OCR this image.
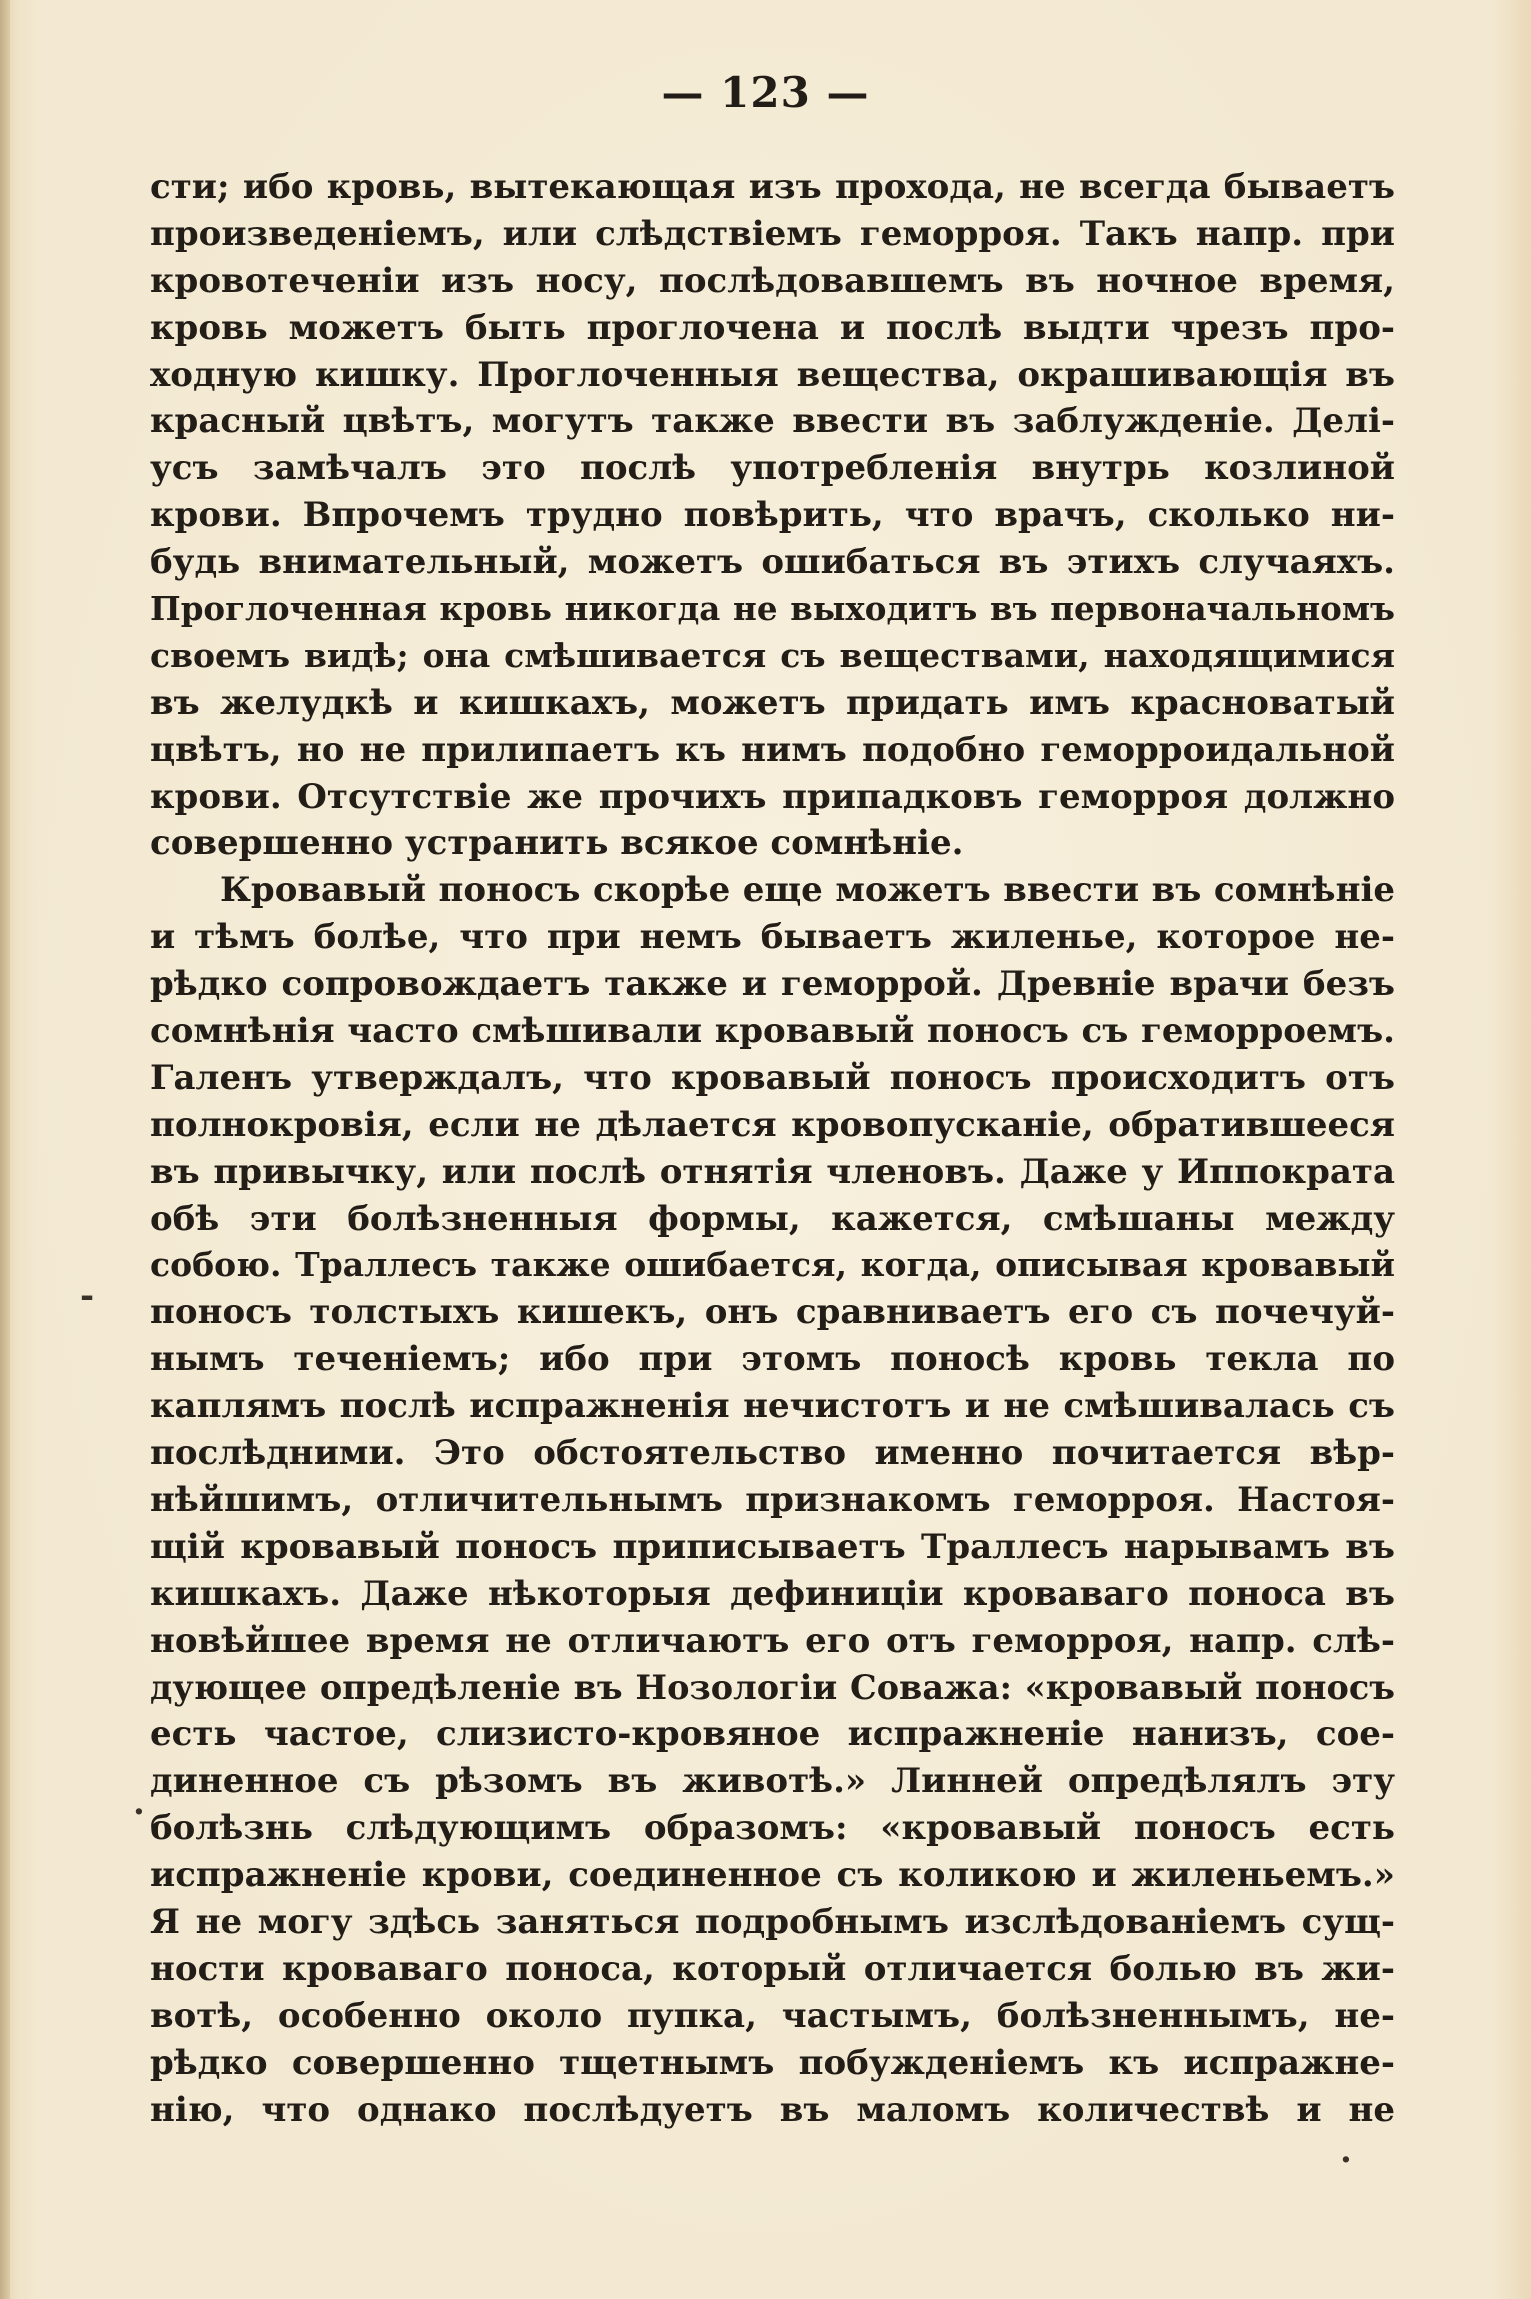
— 123 —
-
·
·
сти; ибо кровь, вытекающая изъ прохода, не всегда бываетъ
произведеніемъ, или слѣдствіемъ геморроя. Такъ напр. при
кровотеченіи изъ носу, послѣдовавшемъ въ ночное время,
кровь можетъ быть проглочена и послѣ выдти чрезъ про-
ходную кишку. Проглоченныя вещества, окрашивающія въ
красный цвѣтъ, могутъ также ввести въ заблужденіе. Делі-
усъ замѣчалъ это послѣ употребленія внутрь козлиной
крови. Впрочемъ трудно повѣрить, что врачъ, сколько ни-
будь внимательный, можетъ ошибаться въ этихъ случаяхъ.
Проглоченная кровь никогда не выходитъ въ первоначальномъ
своемъ видѣ; она смѣшивается съ веществами, находящимися
въ желудкѣ и кишкахъ, можетъ придать имъ красноватый
цвѣтъ, но не прилипаетъ къ нимъ подобно геморроидальной
крови. Отсутствіе же прочихъ припадковъ геморроя должно
совершенно устранить всякое сомнѣніе.
Кровавый поносъ скорѣе еще можетъ ввести въ сомнѣніе
и тѣмъ болѣе, что при немъ бываетъ жиленье, которое не-
рѣдко сопровождаетъ также и геморрой. Древніе врачи безъ
сомнѣнія часто смѣшивали кровавый поносъ съ геморроемъ.
Галенъ утверждалъ, что кровавый поносъ происходитъ отъ
полнокровія, если не дѣлается кровопусканіе, обратившееся
въ привычку, или послѣ отнятія членовъ. Даже у Иппократа
обѣ эти болѣзненныя формы, кажется, смѣшаны между
собою. Траллесъ также ошибается, когда, описывая кровавый
поносъ толстыхъ кишекъ, онъ сравниваетъ его съ почечуй-
нымъ теченіемъ; ибо при этомъ поносѣ кровь текла по
каплямъ послѣ испражненія нечистотъ и не смѣшивалась съ
послѣдними. Это обстоятельство именно почитается вѣр-
нѣйшимъ, отличительнымъ признакомъ геморроя. Настоя-
щій кровавый поносъ приписываетъ Траллесъ нарывамъ въ
кишкахъ. Даже нѣкоторыя дефиниціи кроваваго поноса въ
новѣйшее время не отличаютъ его отъ геморроя, напр. слѣ-
дующее опредѣленіе въ Нозологіи Соважа: «кровавый поносъ
есть частое, слизисто-кровяное испражненіе нанизъ, сое-
диненное съ рѣзомъ въ животѣ.» Линней опредѣлялъ эту
болѣзнь слѣдующимъ образомъ: «кровавый поносъ есть
испражненіе крови, соединенное съ коликою и жиленьемъ.»
Я не могу здѣсь заняться подробнымъ изслѣдованіемъ сущ-
ности кроваваго поноса, который отличается болью въ жи-
вотѣ, особенно около пупка, частымъ, болѣзненнымъ, не-
рѣдко совершенно тщетнымъ побужденіемъ къ испражне-
нію, что однако послѣдуетъ въ маломъ количествѣ и не
